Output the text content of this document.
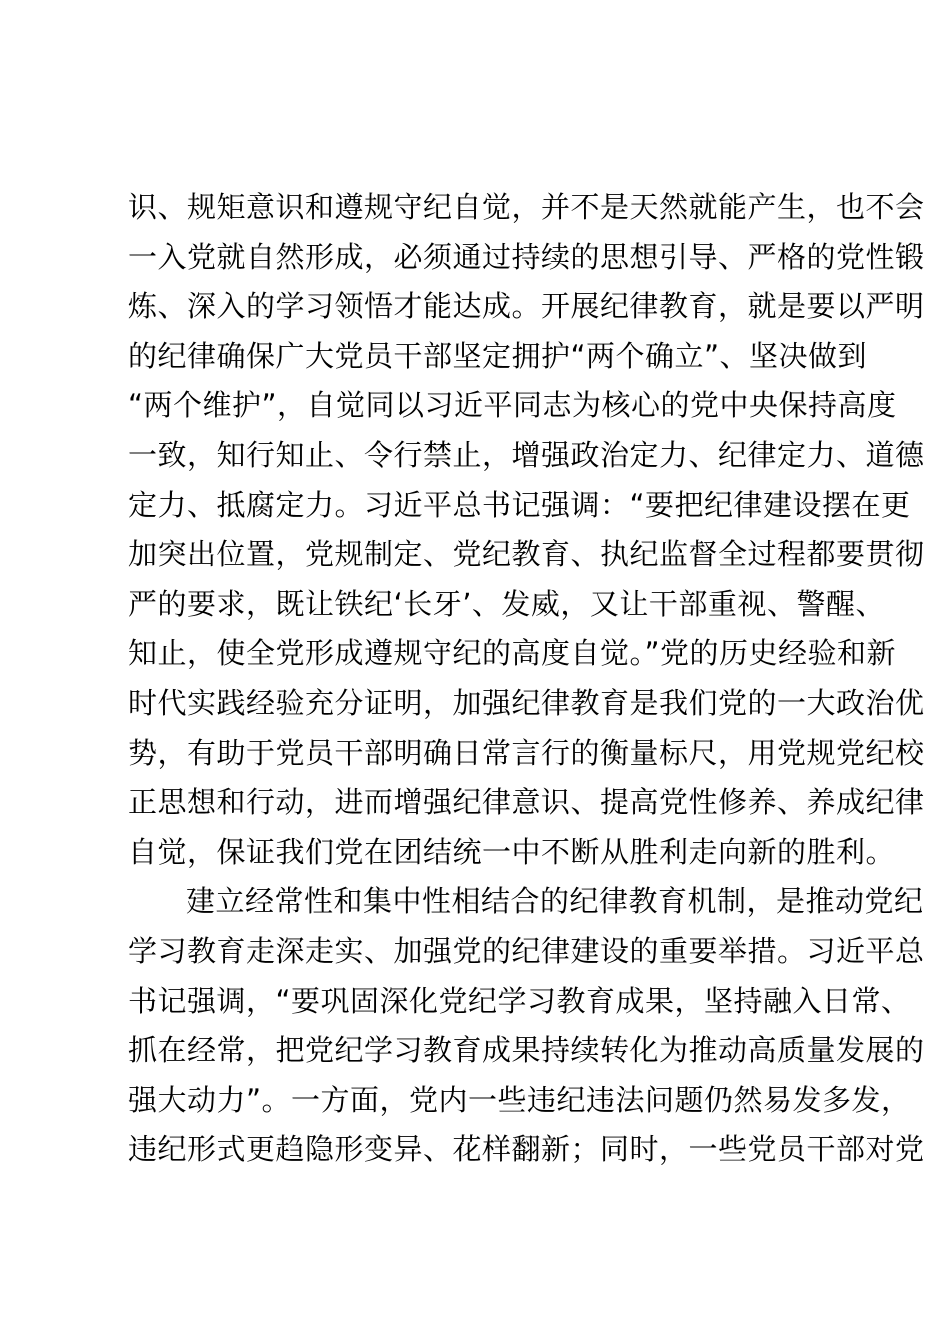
识、规矩意识和遵规守纪自觉，并不是天然就能产生，也不会
一入党就自然形成，必须通过持续的思想引导、严格的党性锻
炼、深入的学习领悟才能达成。开展纪律教育，就是要以严明
的纪律确保广大党员干部坚定拥护“两个确立”、坚决做到
“两个维护”，自觉同以习近平同志为核心的党中央保持高度
一致，知行知止、令行禁止，增强政治定力、纪律定力、道德
定力、抵腐定力。习近平总书记强调：“要把纪律建设摆在更
加突出位置，党规制定、党纪教育、执纪监督全过程都要贯彻
严的要求，既让铁纪‘长牙’、发威，又让干部重视、警醒、
知止，使全党形成遵规守纪的高度自觉。”党的历史经验和新
时代实践经验充分证明，加强纪律教育是我们党的一大政治优
势，有助于党员干部明确日常言行的衡量标尺，用党规党纪校
正思想和行动，进而增强纪律意识、提高党性修养、养成纪律
自觉，保证我们党在团结统一中不断从胜利走向新的胜利。
建立经常性和集中性相结合的纪律教育机制，是推动党纪
学习教育走深走实、加强党的纪律建设的重要举措。习近平总
书记强调，“要巩固深化党纪学习教育成果，坚持融入日常、
抓在经常，把党纪学习教育成果持续转化为推动高质量发展的
强大动力”。一方面，党内一些违纪违法问题仍然易发多发，
违纪形式更趋隐形变异、花样翻新；同时，一些党员干部对党
